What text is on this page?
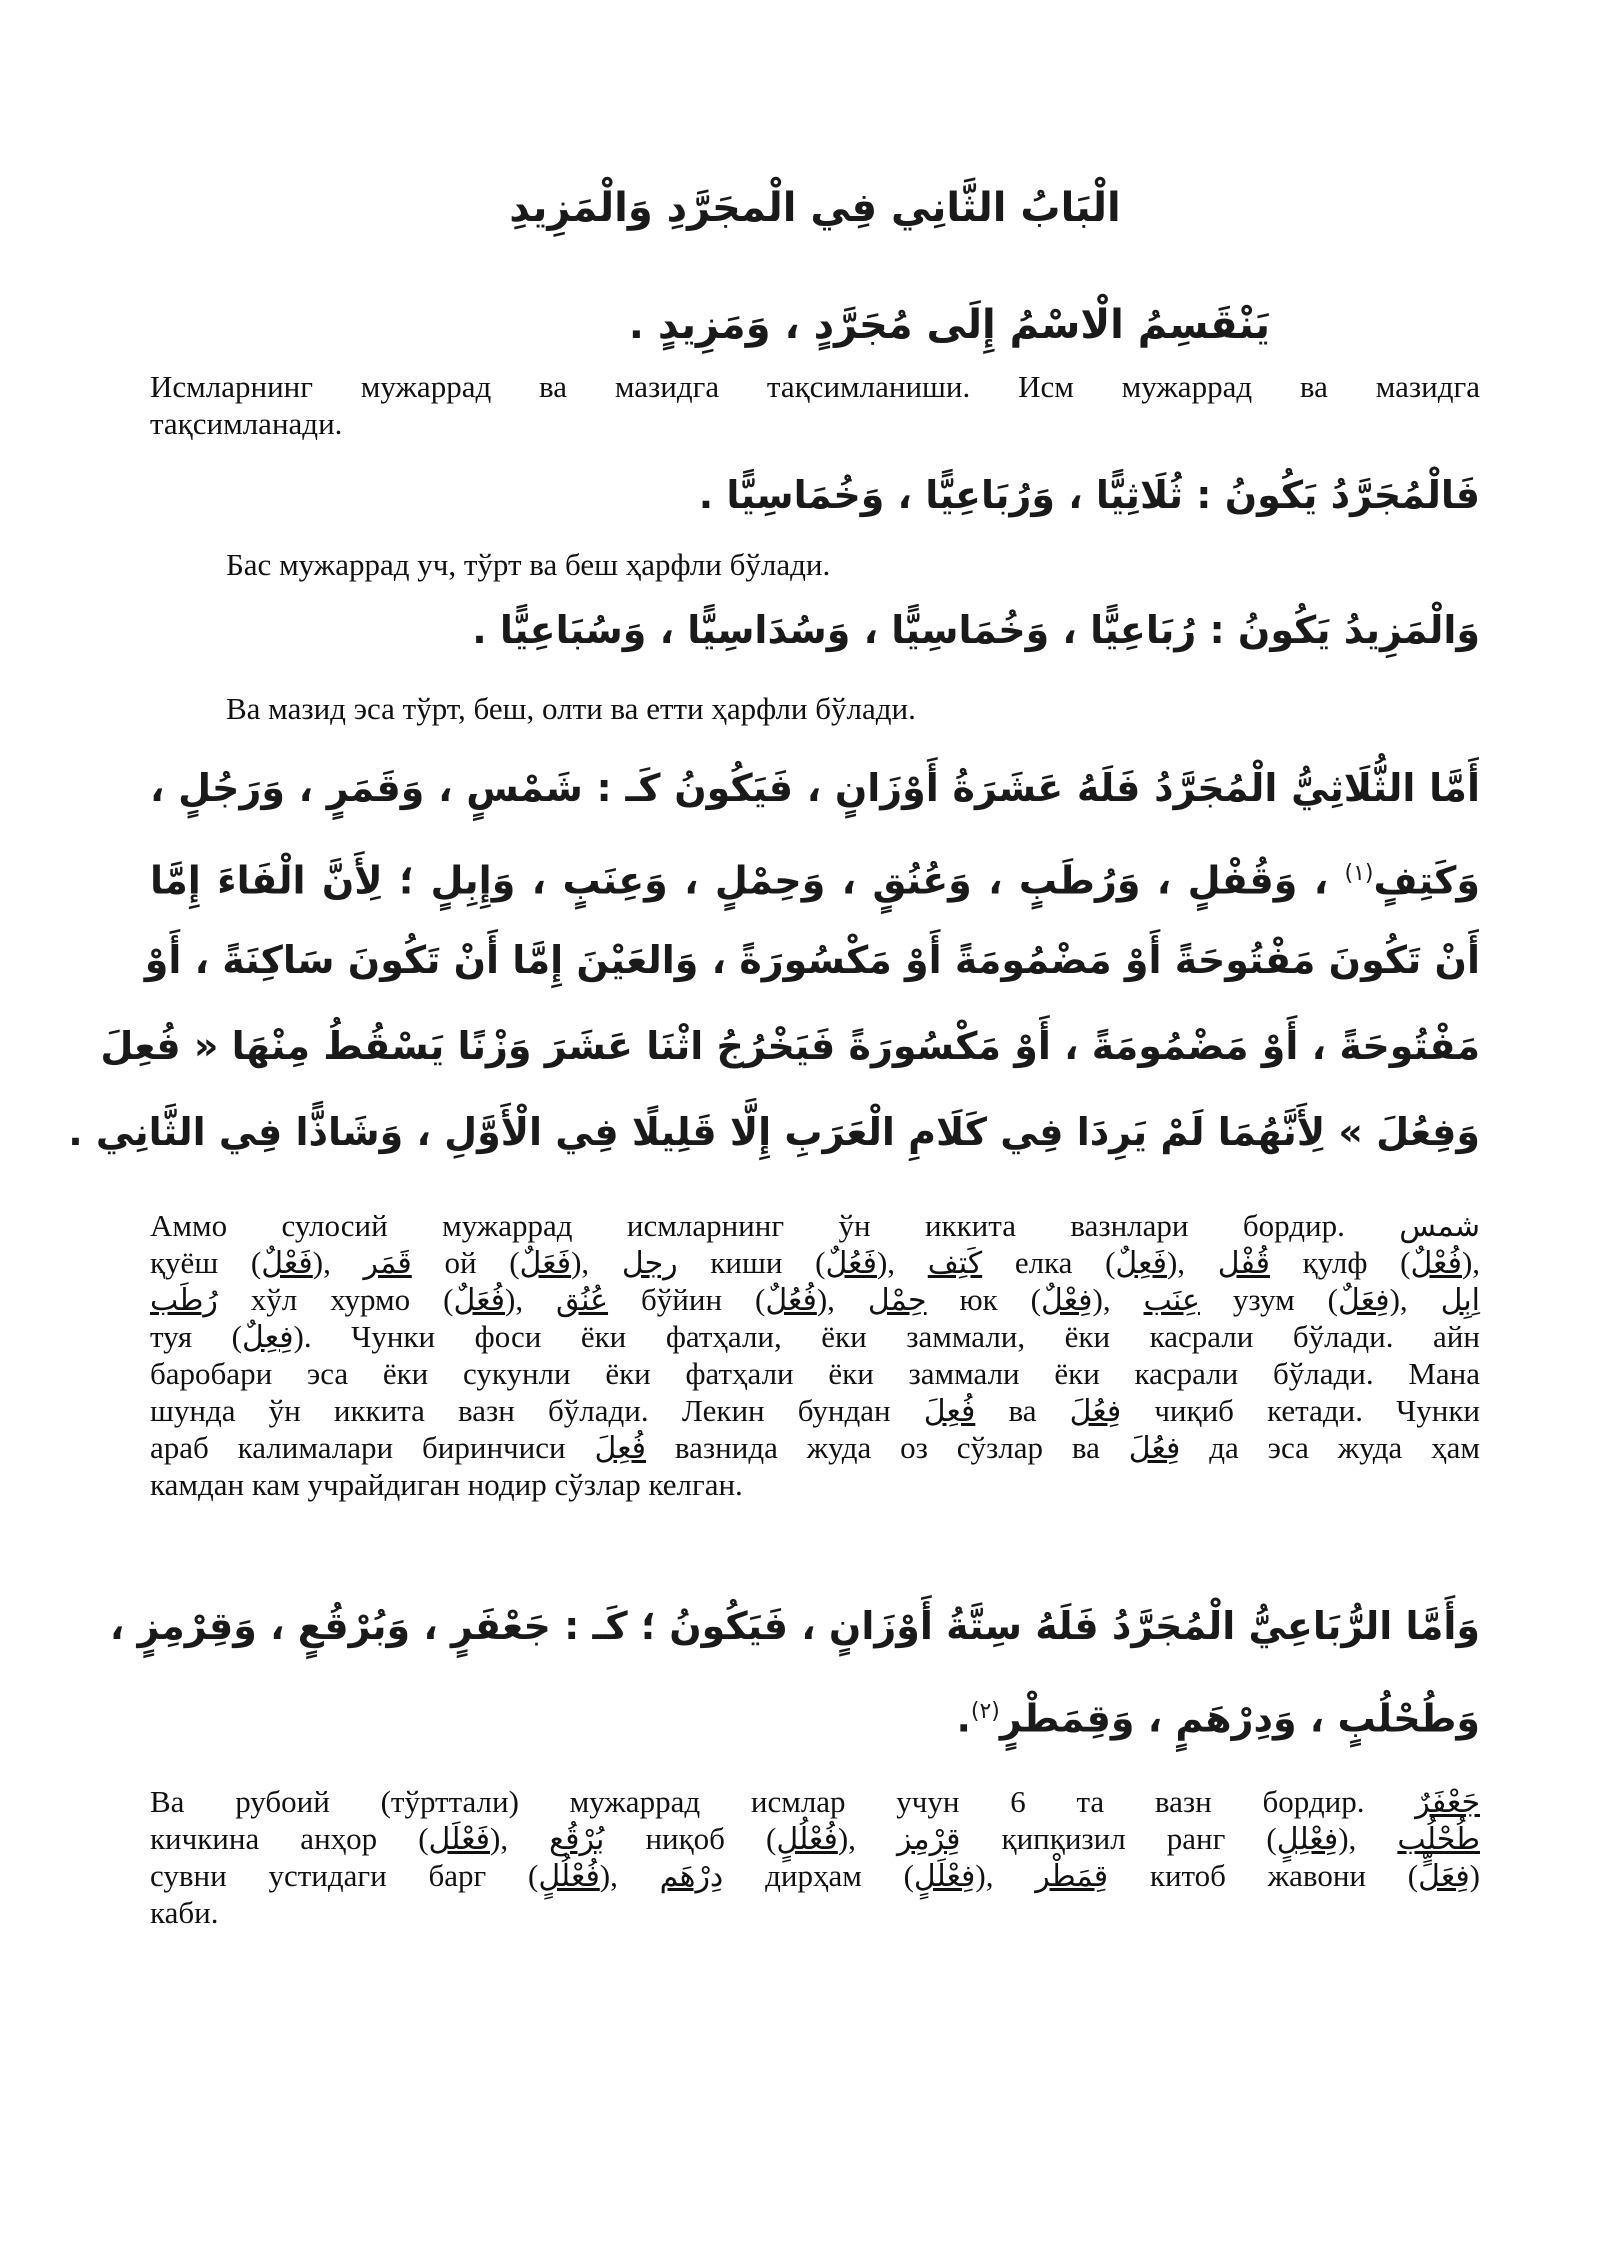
الْبَابُ الثَّانِي فِي الْمجَرَّدِ وَالْمَزِيدِ

يَنْقَسِمُ الْاسْمُ إِلَى مُجَرَّدٍ ، وَمَزِيدٍ .

Исмларнинг мужаррад ва мазидга тақсимланиши. Исм мужаррад ва мазидга
тақсимланади.

فَالْمُجَرَّدُ يَكُونُ : ثُلَاثِيًّا ، وَرُبَاعِيًّا ، وَخُمَاسِيًّا .

Бас мужаррад уч, тўрт ва беш ҳарфли бўлади.

وَالْمَزِيدُ يَكُونُ : رُبَاعِيًّا ، وَخُمَاسِيًّا ، وَسُدَاسِيًّا ، وَسُبَاعِيًّا .

Ва мазид эса тўрт, беш, олти ва етти ҳарфли бўлади.

أَمَّا الثُّلَاثِيُّ الْمُجَرَّدُ فَلَهُ عَشَرَةُ أَوْزَانٍ ، فَيَكُونُ كَـ : شَمْسٍ ، وَقَمَرٍ ، وَرَجُلٍ ،

وَكَتِفٍ$^{(١)}$ ، وَقُفْلٍ ، وَرُطَبٍ ، وَعُنُقٍ ، وَحِمْلٍ ، وَعِنَبٍ ، وَإِبِلٍ ؛ لِأَنَّ الْفَاءَ إِمَّا

أَنْ تَكُونَ مَفْتُوحَةً أَوْ مَضْمُومَةً أَوْ مَكْسُورَةً ، وَالعَيْنَ إِمَّا أَنْ تَكُونَ سَاكِنَةً ، أَوْ

مَفْتُوحَةً ، أَوْ مَضْمُومَةً ، أَوْ مَكْسُورَةً فَيَخْرُجُ اثْنَا عَشَرَ وَزْنًا يَسْقُطُ مِنْهَا « فُعِلَ

وَفِعُلَ » لِأَنَّهُمَا لَمْ يَرِدَا فِي كَلَامِ الْعَرَبِ إِلَّا قَلِيلًا فِي الْأَوَّلِ ، وَشَاذًّا فِي الثَّانِي .

Аммо сулосий мужаррад исмларнинг ўн иккита вазнлари бордир. شمس
қуёш (فَعْلٌ), قَمَر ой (فَعَلٌ), رجل киши (فَعُلٌ), كَتِف елка (فَعِلٌ), قُفْل қулф (فُعْلٌ),
رُطَب хўл хурмо (فُعَلٌ), عُنُق бўйин (فُعُلٌ), حِمْل юк (فِعْلٌ), عِنَب узум (فِعَلٌ), اِبِل
туя (فِعِلٌ). Чунки фоси ёки фатҳали, ёки заммали, ёки касрали бўлади. айн
баробари эса ёки сукунли ёки фатҳали ёки заммали ёки касрали бўлади. Мана
шунда ўн иккита вазн бўлади. Лекин бундан فُعِلَ ва فِعُلَ чиқиб кетади. Чунки
араб калималари биринчиси فُعِلَ вазнида жуда оз сўзлар ва فِعُلَ да эса жуда ҳам
камдан кам учрайдиган нодир сўзлар келган.

وَأَمَّا الرُّبَاعِيُّ الْمُجَرَّدُ فَلَهُ سِتَّةُ أَوْزَانٍ ، فَيَكُونُ ؛ كَـ : جَعْفَرٍ ، وَبُرْقُعٍ ، وَقِرْمِزٍ ،

وَطُحْلُبٍ ، وَدِرْهَمٍ ، وَقِمَطْرٍ$^{(٢)}$.

Ва рубоий (тўрттали) мужаррад исмлар учун 6 та вазн бордир. جَعْفَرٌ
кичкина анҳор (فَعْلَل), بُرْقُع ниқоб (فُعْلُلٍ), قِرْمِز қипқизил ранг (فِعْلِلٍ), طُحْلُب
сувни устидаги барг (فُعْلُلٍ), دِرْهَم дирҳам (فِعْلَلٍ), قِمَطْر китоб жавони (فِعَلٍّ)
каби.
